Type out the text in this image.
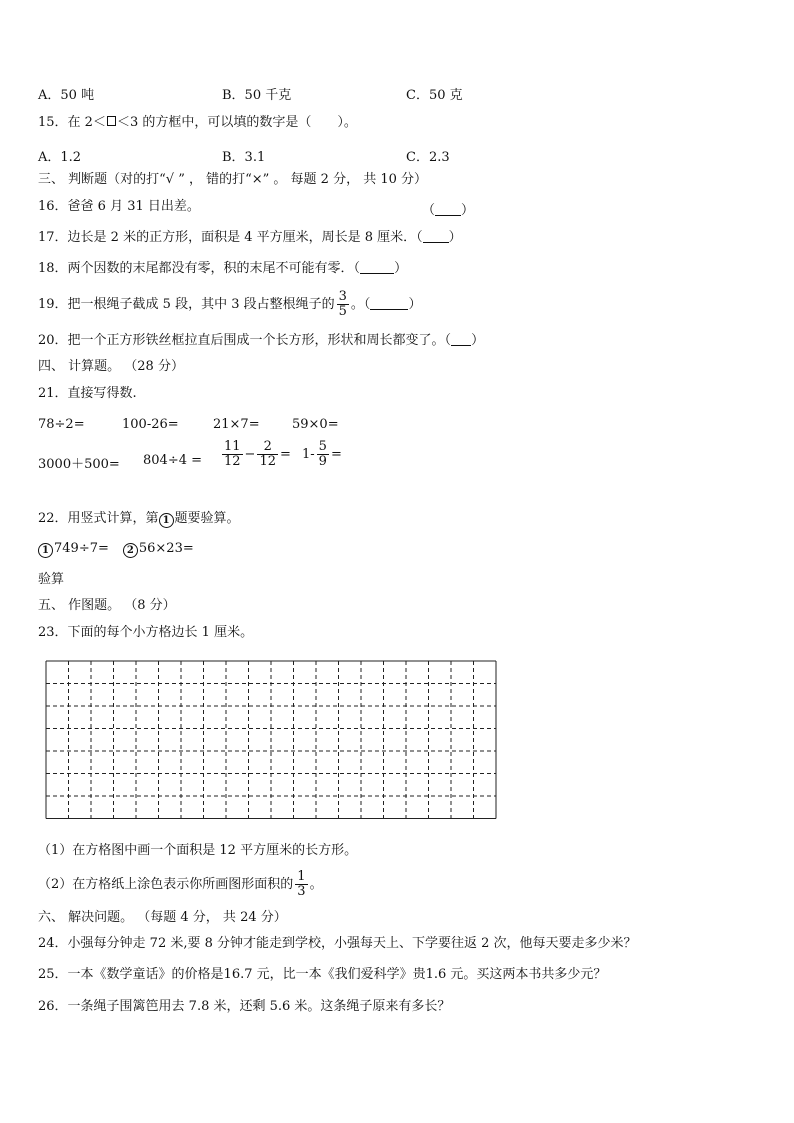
A．50 吨	B．50 千克	C．50 克
15．在 2＜ ＜3 的方框中，可以填的数字是（　　）。
A．1.2	B．3.1	C．2.3
三、 判断题（对的打“√ ” ， 错的打“×” 。 每题 2 分， 共 10 分）
16．爸爸 6 月 31 日出差。	（ ）
17．边长是 2 米的正方形，面积是 4 平方厘米，周长是 8 厘米．（ ）
18．两个因数的末尾都没有零，积的末尾不可能有零．（	）
19．把一根绳子截成 5 段，其中 3 段占整根绳子的 $\frac{3}{5}$ 。（	）
20．把一个正方形铁丝框拉直后围成一个长方形，形状和周长都变了。（ ）
四、 计算题。 （28 分）
21．直接写得数.
78÷2=	100-26=	21×7= 59×0=
$3000+500= 804\div 4 = \frac{11}{12} - \frac{2}{12} = 1- \frac{5}{9}$ =
22．用竖式计算，第 1 题要验算。
1 749÷7= 2 56×23=
验算
五、 作图题。 （8 分）
23．下面的每个小方格边长 1 厘米。
（1）在方格图中画一个面积是 12 平方厘米的长方形。
（2）在方格纸上涂色表示你所画图形面积的 $\frac{1}{3}$ 。
六、 解决问题。 （每题 4 分， 共 24 分）
24．小强每分钟走 72 米,要 8 分钟才能走到学校，小强每天上、下学要往返 2 次，他每天要走多少米？
25．一本《数学童话》的价格是16.7 元，比一本《我们爱科学》贵1.6 元。买这两本书共多少元？
26．一条绳子围篱笆用去 7.8 米，还剩 5.6 米。这条绳子原来有多长？
